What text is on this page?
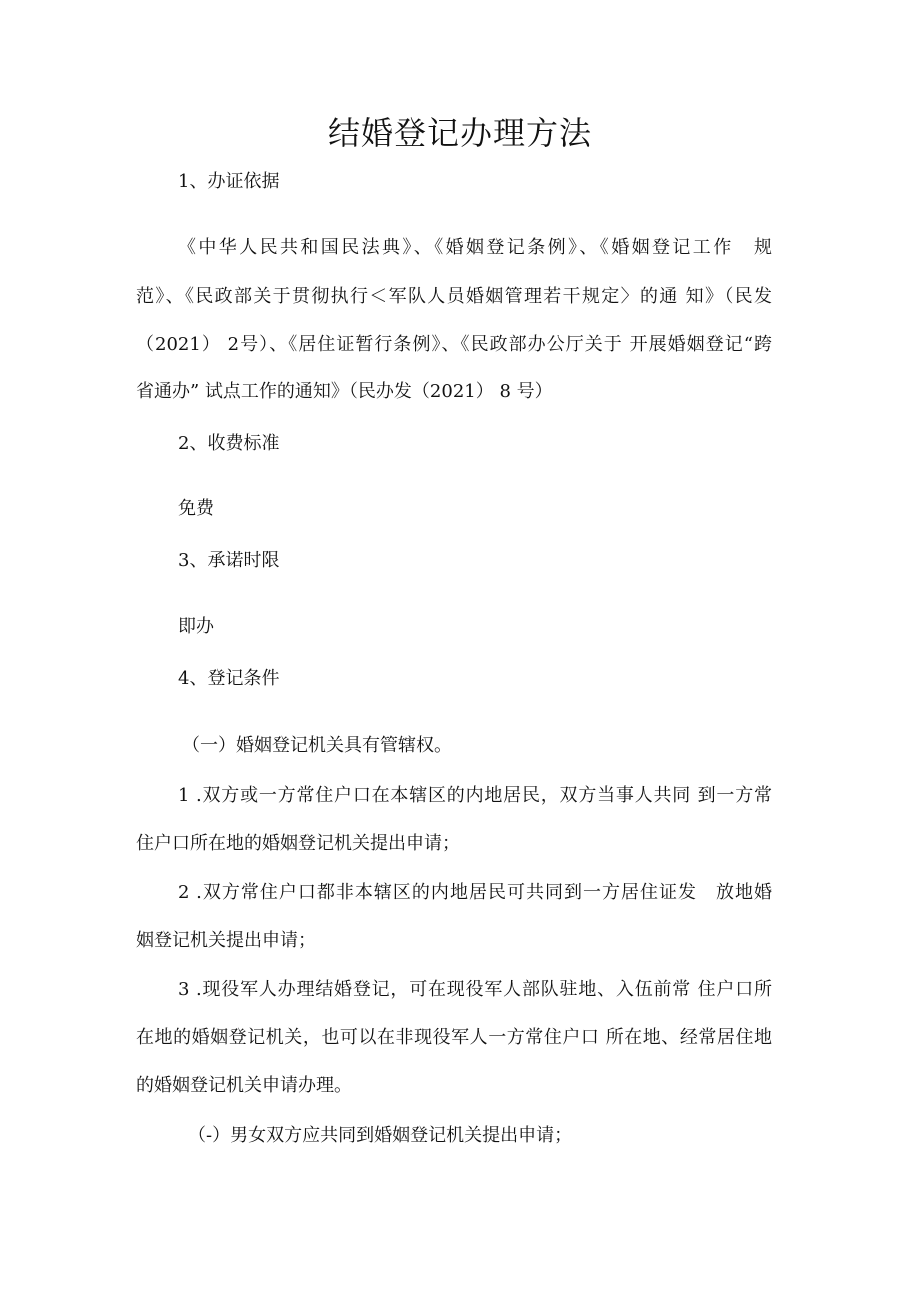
结婚登记办理方法
1、办证依据
《中华人民共和国民法典》、《婚姻登记条例》、《婚姻登记工作　规
范》、《民政部关于贯彻执行＜军队人员婚姻管理若干规定〉的通 知》（民发
（2021） 2号）、《居住证暂行条例》、《民政部办公厅关于 开展婚姻登记“跨
省通办” 试点工作的通知》（民办发（2021） 8 号）
2、收费标准
免费
3、承诺时限
即办
4、登记条件
（一）婚姻登记机关具有管辖权。
1 .双方或一方常住户口在本辖区的内地居民，双方当事人共同 到一方常
住户口所在地的婚姻登记机关提出申请；
2 .双方常住户口都非本辖区的内地居民可共同到一方居住证发　放地婚
姻登记机关提出申请；
3 .现役军人办理结婚登记，可在现役军人部队驻地、入伍前常 住户口所
在地的婚姻登记机关，也可以在非现役军人一方常住户口 所在地、经常居住地
的婚姻登记机关申请办理。
（-）男女双方应共同到婚姻登记机关提出申请；
